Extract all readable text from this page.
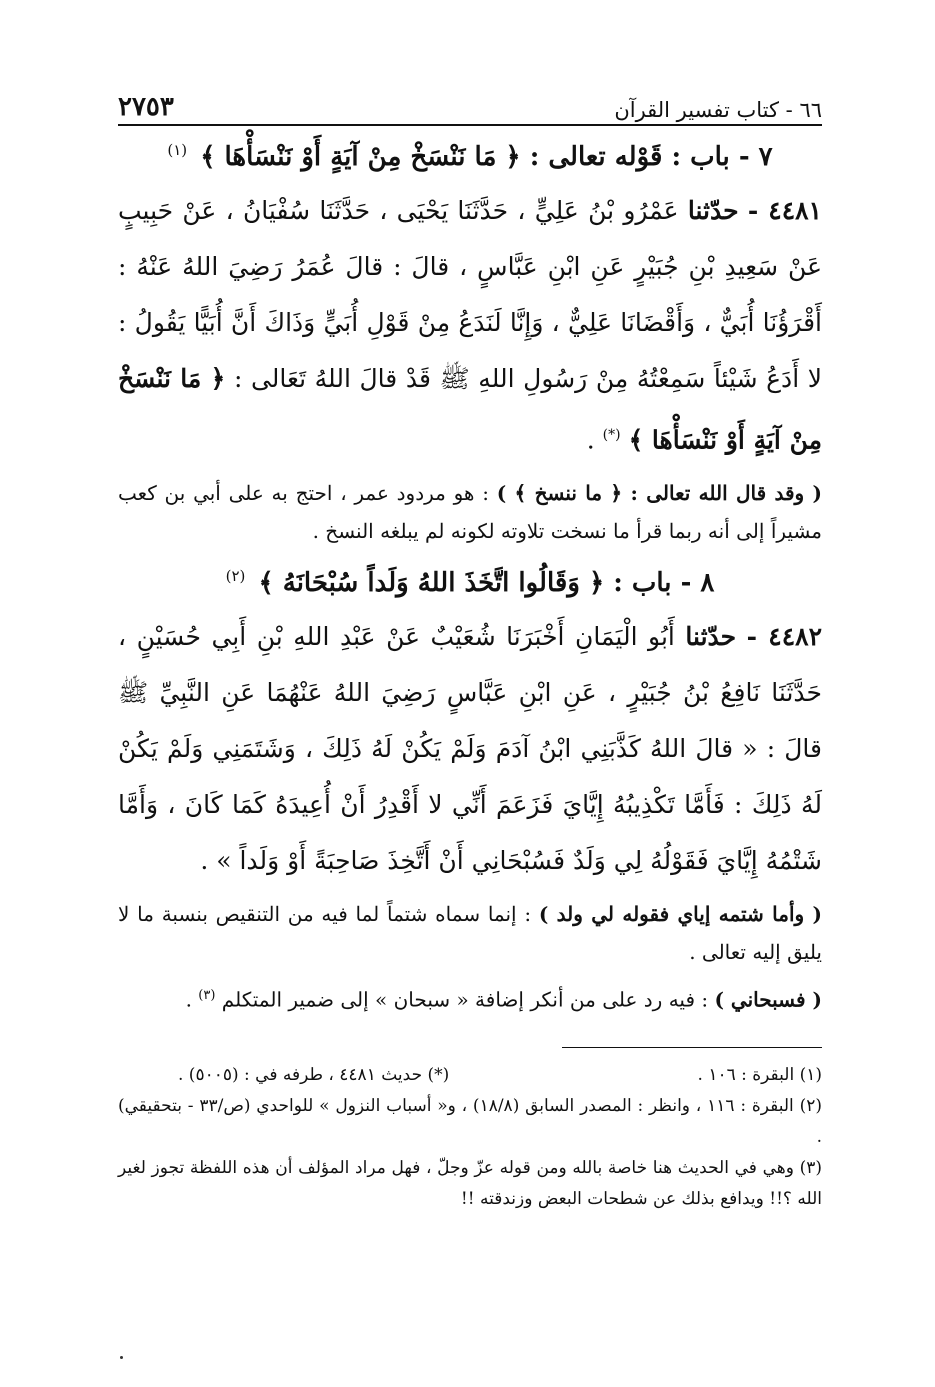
٦٦ - كتاب تفسير القرآن
٢٧٥٣
٧ - باب : قَوْله تعالى : ﴿ مَا نَنْسَخْ مِنْ آيَةٍ أَوْ نَنْسَأْهَا ﴾ $^{(١)}$
٤٤٨١ - حدّثنا عَمْرُو بْنُ عَلِيٍّ ، حَدَّثَنَا يَحْيَى ، حَدَّثَنَا سُفْيَانُ ، عَنْ حَبِيبٍ عَنْ سَعِيدِ بْنِ جُبَيْرٍ عَنِ ابْنِ عَبَّاسٍ ، قالَ : قالَ عُمَرُ رَضِيَ اللهُ عَنْهُ : أَقْرَؤُنَا أُبَيٌّ ، وَأَقْضَانَا عَلِيٌّ ، وَإِنَّا لَنَدَعُ مِنْ قَوْلِ أُبَيٍّ وَذَاكَ أَنَّ أُبَيًّا يَقُولُ : لا أَدَعُ شَيْئاً سَمِعْتُهُ مِنْ رَسُولِ اللهِ ﷺ قَدْ قالَ اللهُ تَعَالى : ﴿ مَا نَنْسَخْ مِنْ آيَةٍ أَوْ نَنْسَأْهَا ﴾ (*) .
( وقد قال الله تعالى : ﴿ ما ننسخ ﴾ ) : هو مردود عمر ، احتج به على أبي بن كعب مشيراً إلى أنه ربما قرأ ما نسخت تلاوته لكونه لم يبلغه النسخ .
٨ - باب : ﴿ وَقَالُوا اتَّخَذَ اللهُ وَلَداً سُبْحَانَهُ ﴾ $^{(٢)}$
٤٤٨٢ - حدّثنا أَبُو الْيَمَانِ أَخْبَرَنَا شُعَيْبٌ عَنْ عَبْدِ اللهِ بْنِ أَبِي حُسَيْنٍ ، حَدَّثَنَا نَافِعُ بْنُ جُبَيْرٍ ، عَنِ ابْنِ عَبَّاسٍ رَضِيَ اللهُ عَنْهُمَا عَنِ النَّبِيِّ ﷺ قالَ : « قالَ اللهُ كَذَّبَنِي ابْنُ آدَمَ وَلَمْ يَكُنْ لَهُ ذَلِكَ ، وَشَتَمَنِي وَلَمْ يَكُنْ لَهُ ذَلِكَ : فَأَمَّا تَكْذِيبُهُ إِيَّايَ فَزَعَمَ أَنِّي لا أَقْدِرُ أَنْ أُعِيدَهُ كَمَا كَانَ ، وَأَمَّا شَتْمُهُ إِيَّايَ فَقَوْلُهُ لِي وَلَدٌ فَسُبْحَانِي أَنْ أَتَّخِذَ صَاحِبَةً أَوْ وَلَداً » .
( وأما شتمه إياي فقوله لي ولد ) : إنما سماه شتماً لما فيه من التنقيص بنسبة ما لا يليق إليه تعالى .
( فسبحاني ) : فيه رد على من أنكر إضافة « سبحان » إلى ضمير المتكلم $^{(٣)}$ .
(١) البقرة : ١٠٦ .
(*) حديث ٤٤٨١ ، طرفه في : (٥٠٠٥) .
(٢) البقرة : ١١٦ ، وانظر : المصدر السابق (١٨/٨) ، و« أسباب النزول » للواحدي (ص/٣٣ - بتحقيقي) .
(٣) وهي في الحديث هنا خاصة بالله ومن قوله عزّ وجلّ ، فهل مراد المؤلف أن هذه اللفظة تجوز لغير الله ؟!! ويدافع بذلك عن شطحات البعض وزندقته !!
